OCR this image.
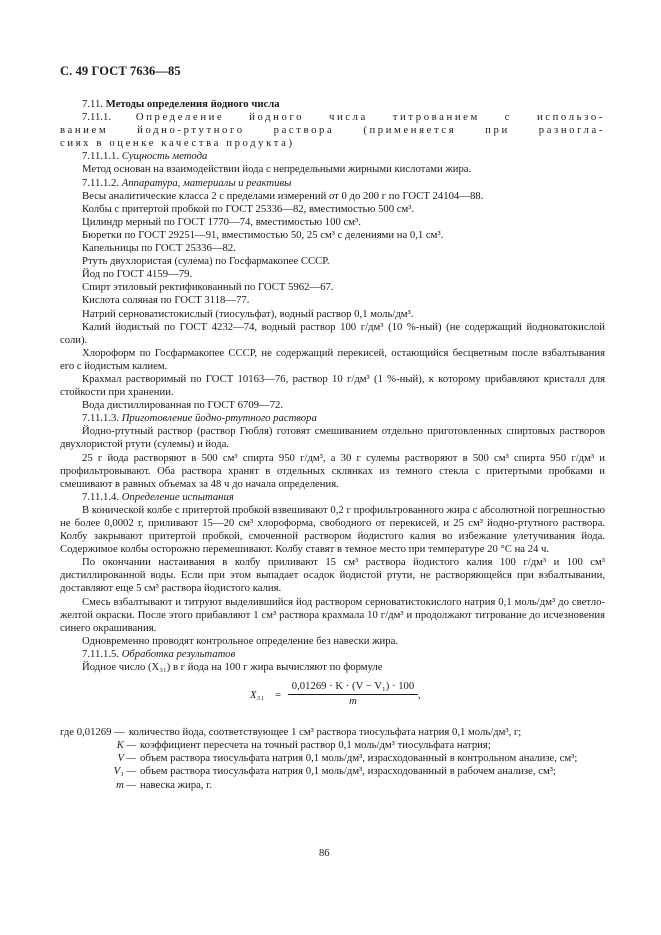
С. 49 ГОСТ 7636—85

7.11. Методы определения йодного числа

7.11.1. Определение йодного числа титрованием с использо-

ванием йодно-ртутного раствора (применяется при разногла-

сиях в оценке качества продукта)

7.11.1.1. Сущность метода

Метод основан на взаимодействии йода с непредельными жирными кислотами жира.

7.11.1.2. Аппаратура, материалы и реактивы

Весы аналитические класса 2 с пределами измерений от 0 до 200 г по ГОСТ 24104—88.

Колбы с притертой пробкой по ГОСТ 25336—82, вместимостью 500 см³.

Цилиндр мерный по ГОСТ 1770—74, вместимостью 100 см³.

Бюретки по ГОСТ 29251—91, вместимостью 50, 25 см³ с делениями на 0,1 см³.

Капельницы по ГОСТ 25336—82.

Ртуть двухлористая (сулема) по Госфармакопее СССР.

Йод по ГОСТ 4159—79.

Спирт этиловый ректификованный по ГОСТ 5962—67.

Кислота соляная по ГОСТ 3118—77.

Натрий серноватистокислый (тиосульфат), водный раствор 0,1 моль/дм³.

Калий йодистый по ГОСТ 4232—74, водный раствор 100 г/дм³ (10 %-ный) (не содержащий йодноватокислой соли).

Хлороформ по Госфармакопее СССР, не содержащий перекисей, остающийся бесцветным после взбалтывания его с йодистым калием.

Крахмал растворимый по ГОСТ 10163—76, раствор 10 г/дм³ (1 %-ный), к которому прибавляют кристалл для стойкости при хранении.

Вода дистиллированная по ГОСТ 6709—72.

7.11.1.3. Приготовление йодно-ртутного раствора

Йодно-ртутный раствор (раствор Гюбля) готовят смешиванием отдельно приготовленных спиртовых растворов двухлористой ртути (сулемы) и йода.

25 г йода растворяют в 500 см³ спирта 950 г/дм³, а 30 г сулемы растворяют в 500 см³ спирта 950 г/дм³ и профильтровывают. Оба раствора хранят в отдельных склянках из темного стекла с притертыми пробками и смешивают в равных объемах за 48 ч до начала определения.

7.11.1.4. Определение испытания

В конической колбе с притертой пробкой взвешивают 0,2 г профильтрованного жира с абсолютной погрешностью не более 0,0002 г, приливают 15—20 см³ хлороформа, свободного от перекисей, и 25 см³ йодно-ртутного раствора. Колбу закрывают притертой пробкой, смоченной раствором йодистого калия во избежание улетучивания йода. Содержимое колбы осторожно перемешивают. Колбу ставят в темное место при температуре 20 °С на 24 ч.

По окончании настаивания в колбу приливают 15 см³ раствора йодистого калия 100 г/дм³ и 100 см³ дистиллированной воды. Если при этом выпадает осадок йодистой ртути, не растворяющейся при взбалтывании, доставляют еще 5 см³ раствора йодистого калия.

Смесь взбалтывают и титруют выделившийся йод раствором серноватистокислого натрия 0,1 моль/дм³ до светло-желтой окраски. После этого прибавляют 1 см³ раствора крахмала 10 г/дм³ и продолжают титрование до исчезновения синего окрашивания.

Одновременно проводят контрольное определение без навески жира.

7.11.1.5. Обработка результатов

Йодное число (X₃₁) в г йода на 100 г жира вычисляют по формуле

$X_{31} = \frac{\text{0,01269 · K · (V − V₁) · 100}}{m}$ ,
где 0,01269 — количество йода, соответствующее 1 см³ раствора тиосульфата натрия 0,1 моль/дм³, г;
K — коэффициент пересчета на точный раствор 0,1 моль/дм³ тиосульфата натрия;
V — объем раствора тиосульфата натрия 0,1 моль/дм³, израсходованный в контрольном анализе, см³;
V₁ — объем раствора тиосульфата натрия 0,1 моль/дм³, израсходованный в рабочем анализе, см³;
m — навеска жира, г.
86
